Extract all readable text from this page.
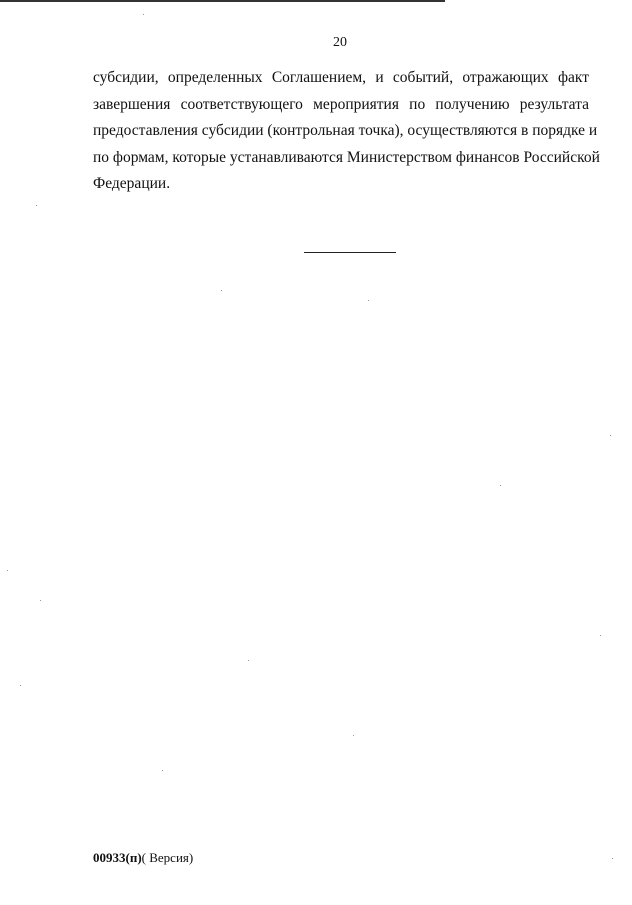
20
субсидии, определенных Соглашением, и событий, отражающих факт
завершения соответствующего мероприятия по получению результата
предоставления субсидии (контрольная точка), осуществляются в порядке и
по формам, которые устанавливаются Министерством финансов Российской
Федерации.
00933(п)( Версия)
